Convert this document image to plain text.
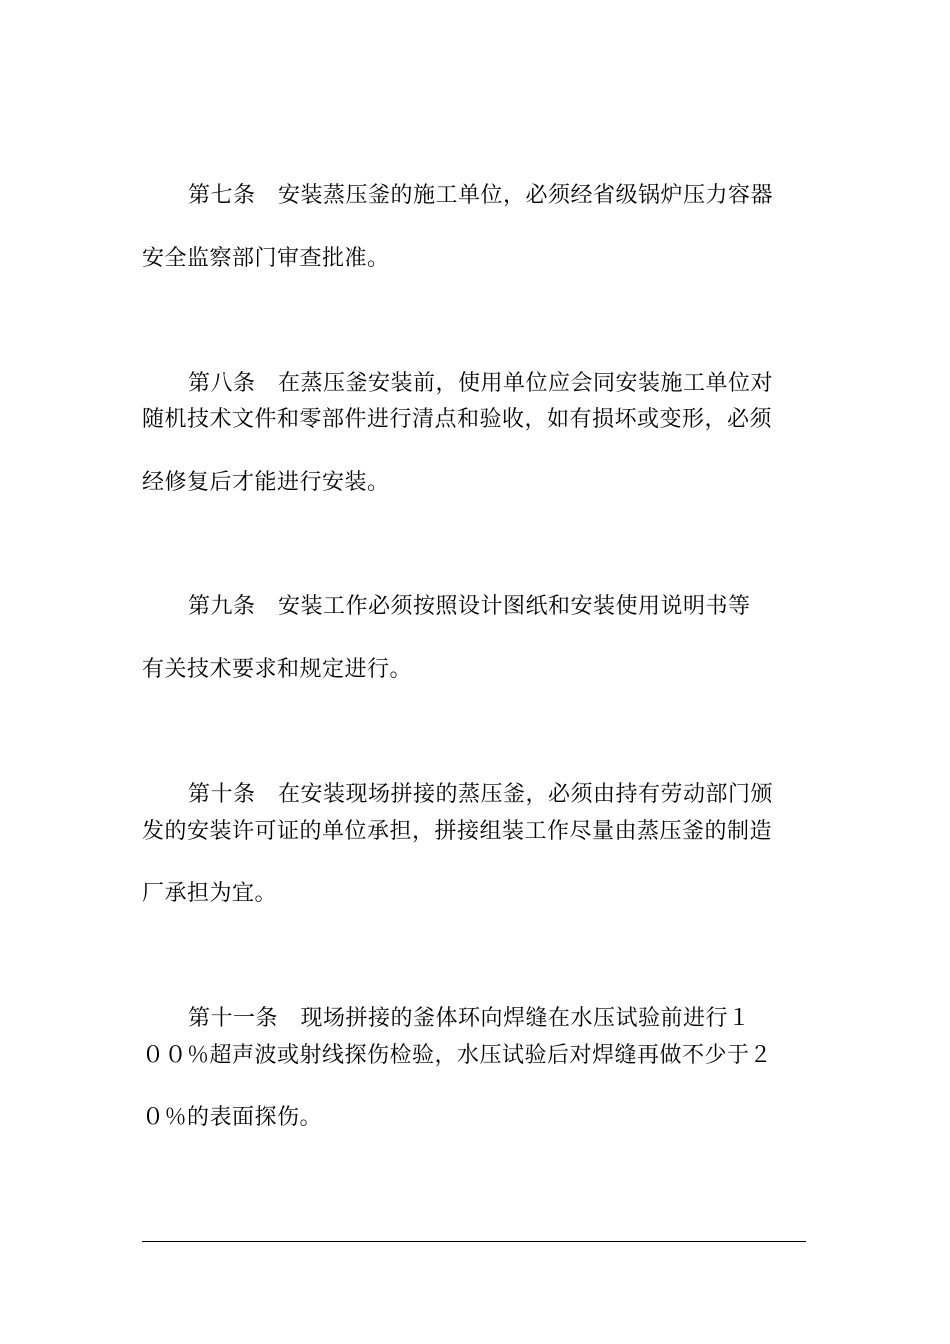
第七条　安装蒸压釜的施工单位，必须经省级锅炉压力容器
安全监察部门审查批准。
第八条　在蒸压釜安装前，使用单位应会同安装施工单位对
随机技术文件和零部件进行清点和验收，如有损坏或变形，必须
经修复后才能进行安装。
第九条　安装工作必须按照设计图纸和安装使用说明书等
有关技术要求和规定进行。
第十条　在安装现场拼接的蒸压釜，必须由持有劳动部门颁
发的安装许可证的单位承担，拼接组装工作尽量由蒸压釜的制造
厂承担为宜。
第十一条　现场拼接的釜体环向焊缝在水压试验前进行１
００％超声波或射线探伤检验，水压试验后对焊缝再做不少于２
０％的表面探伤。
